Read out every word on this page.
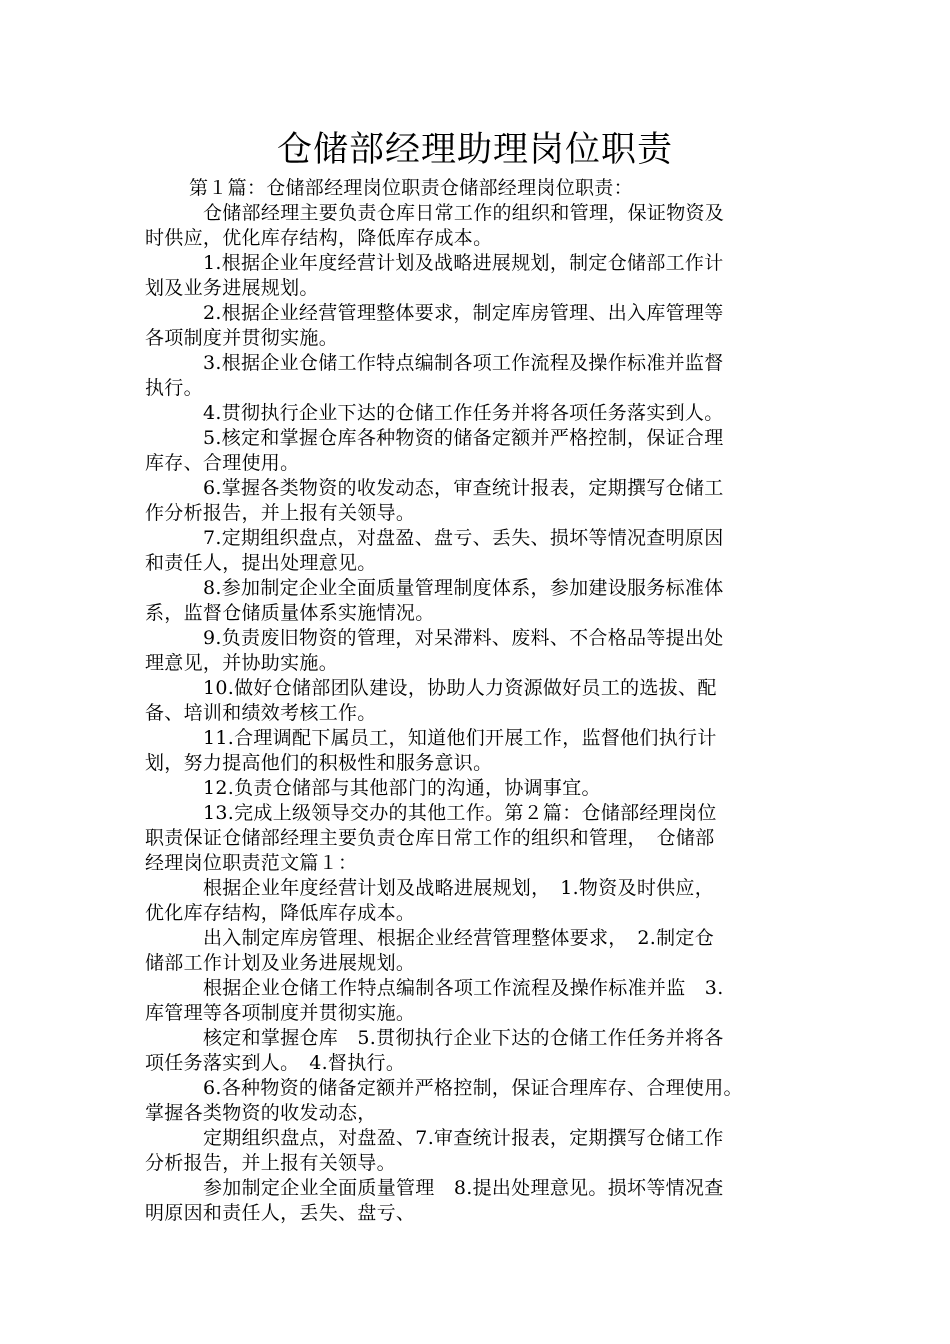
仓储部经理助理岗位职责
第１篇：仓储部经理岗位职责仓储部经理岗位职责：
仓储部经理主要负责仓库日常工作的组织和管理，保证物资及
时供应，优化库存结构，降低库存成本。
1.根据企业年度经营计划及战略进展规划，制定仓储部工作计
划及业务进展规划。
2.根据企业经营管理整体要求，制定库房管理、出入库管理等
各项制度并贯彻实施。
3.根据企业仓储工作特点编制各项工作流程及操作标准并监督
执行。
4.贯彻执行企业下达的仓储工作任务并将各项任务落实到人。
5.核定和掌握仓库各种物资的储备定额并严格控制，保证合理
库存、合理使用。
6.掌握各类物资的收发动态，审查统计报表，定期撰写仓储工
作分析报告，并上报有关领导。
7.定期组织盘点，对盘盈、盘亏、丢失、损坏等情况查明原因
和责任人，提出处理意见。
8.参加制定企业全面质量管理制度体系，参加建设服务标准体
系，监督仓储质量体系实施情况。
9.负责废旧物资的管理，对呆滞料、废料、不合格品等提出处
理意见，并协助实施。
10.做好仓储部团队建设，协助人力资源做好员工的选拔、配
备、培训和绩效考核工作。
11.合理调配下属员工，知道他们开展工作，监督他们执行计
划，努力提高他们的积极性和服务意识。
12.负责仓储部与其他部门的沟通，协调事宜。
13.完成上级领导交办的其他工作。第２篇：仓储部经理岗位
职责保证仓储部经理主要负责仓库日常工作的组织和管理，　仓储部
经理岗位职责范文篇１：
根据企业年度经营计划及战略进展规划，　1.物资及时供应，
优化库存结构，降低库存成本。
出入制定库房管理、根据企业经营管理整体要求，　2.制定仓
储部工作计划及业务进展规划。
根据企业仓储工作特点编制各项工作流程及操作标准并监　3.
库管理等各项制度并贯彻实施。
核定和掌握仓库　5.贯彻执行企业下达的仓储工作任务并将各
项任务落实到人。　4.督执行。
6.各种物资的储备定额并严格控制，保证合理库存、合理使用。
掌握各类物资的收发动态，
定期组织盘点，对盘盈、7.审查统计报表，定期撰写仓储工作
分析报告，并上报有关领导。
参加制定企业全面质量管理　8.提出处理意见。损坏等情况查
明原因和责任人，丢失、盘亏、
